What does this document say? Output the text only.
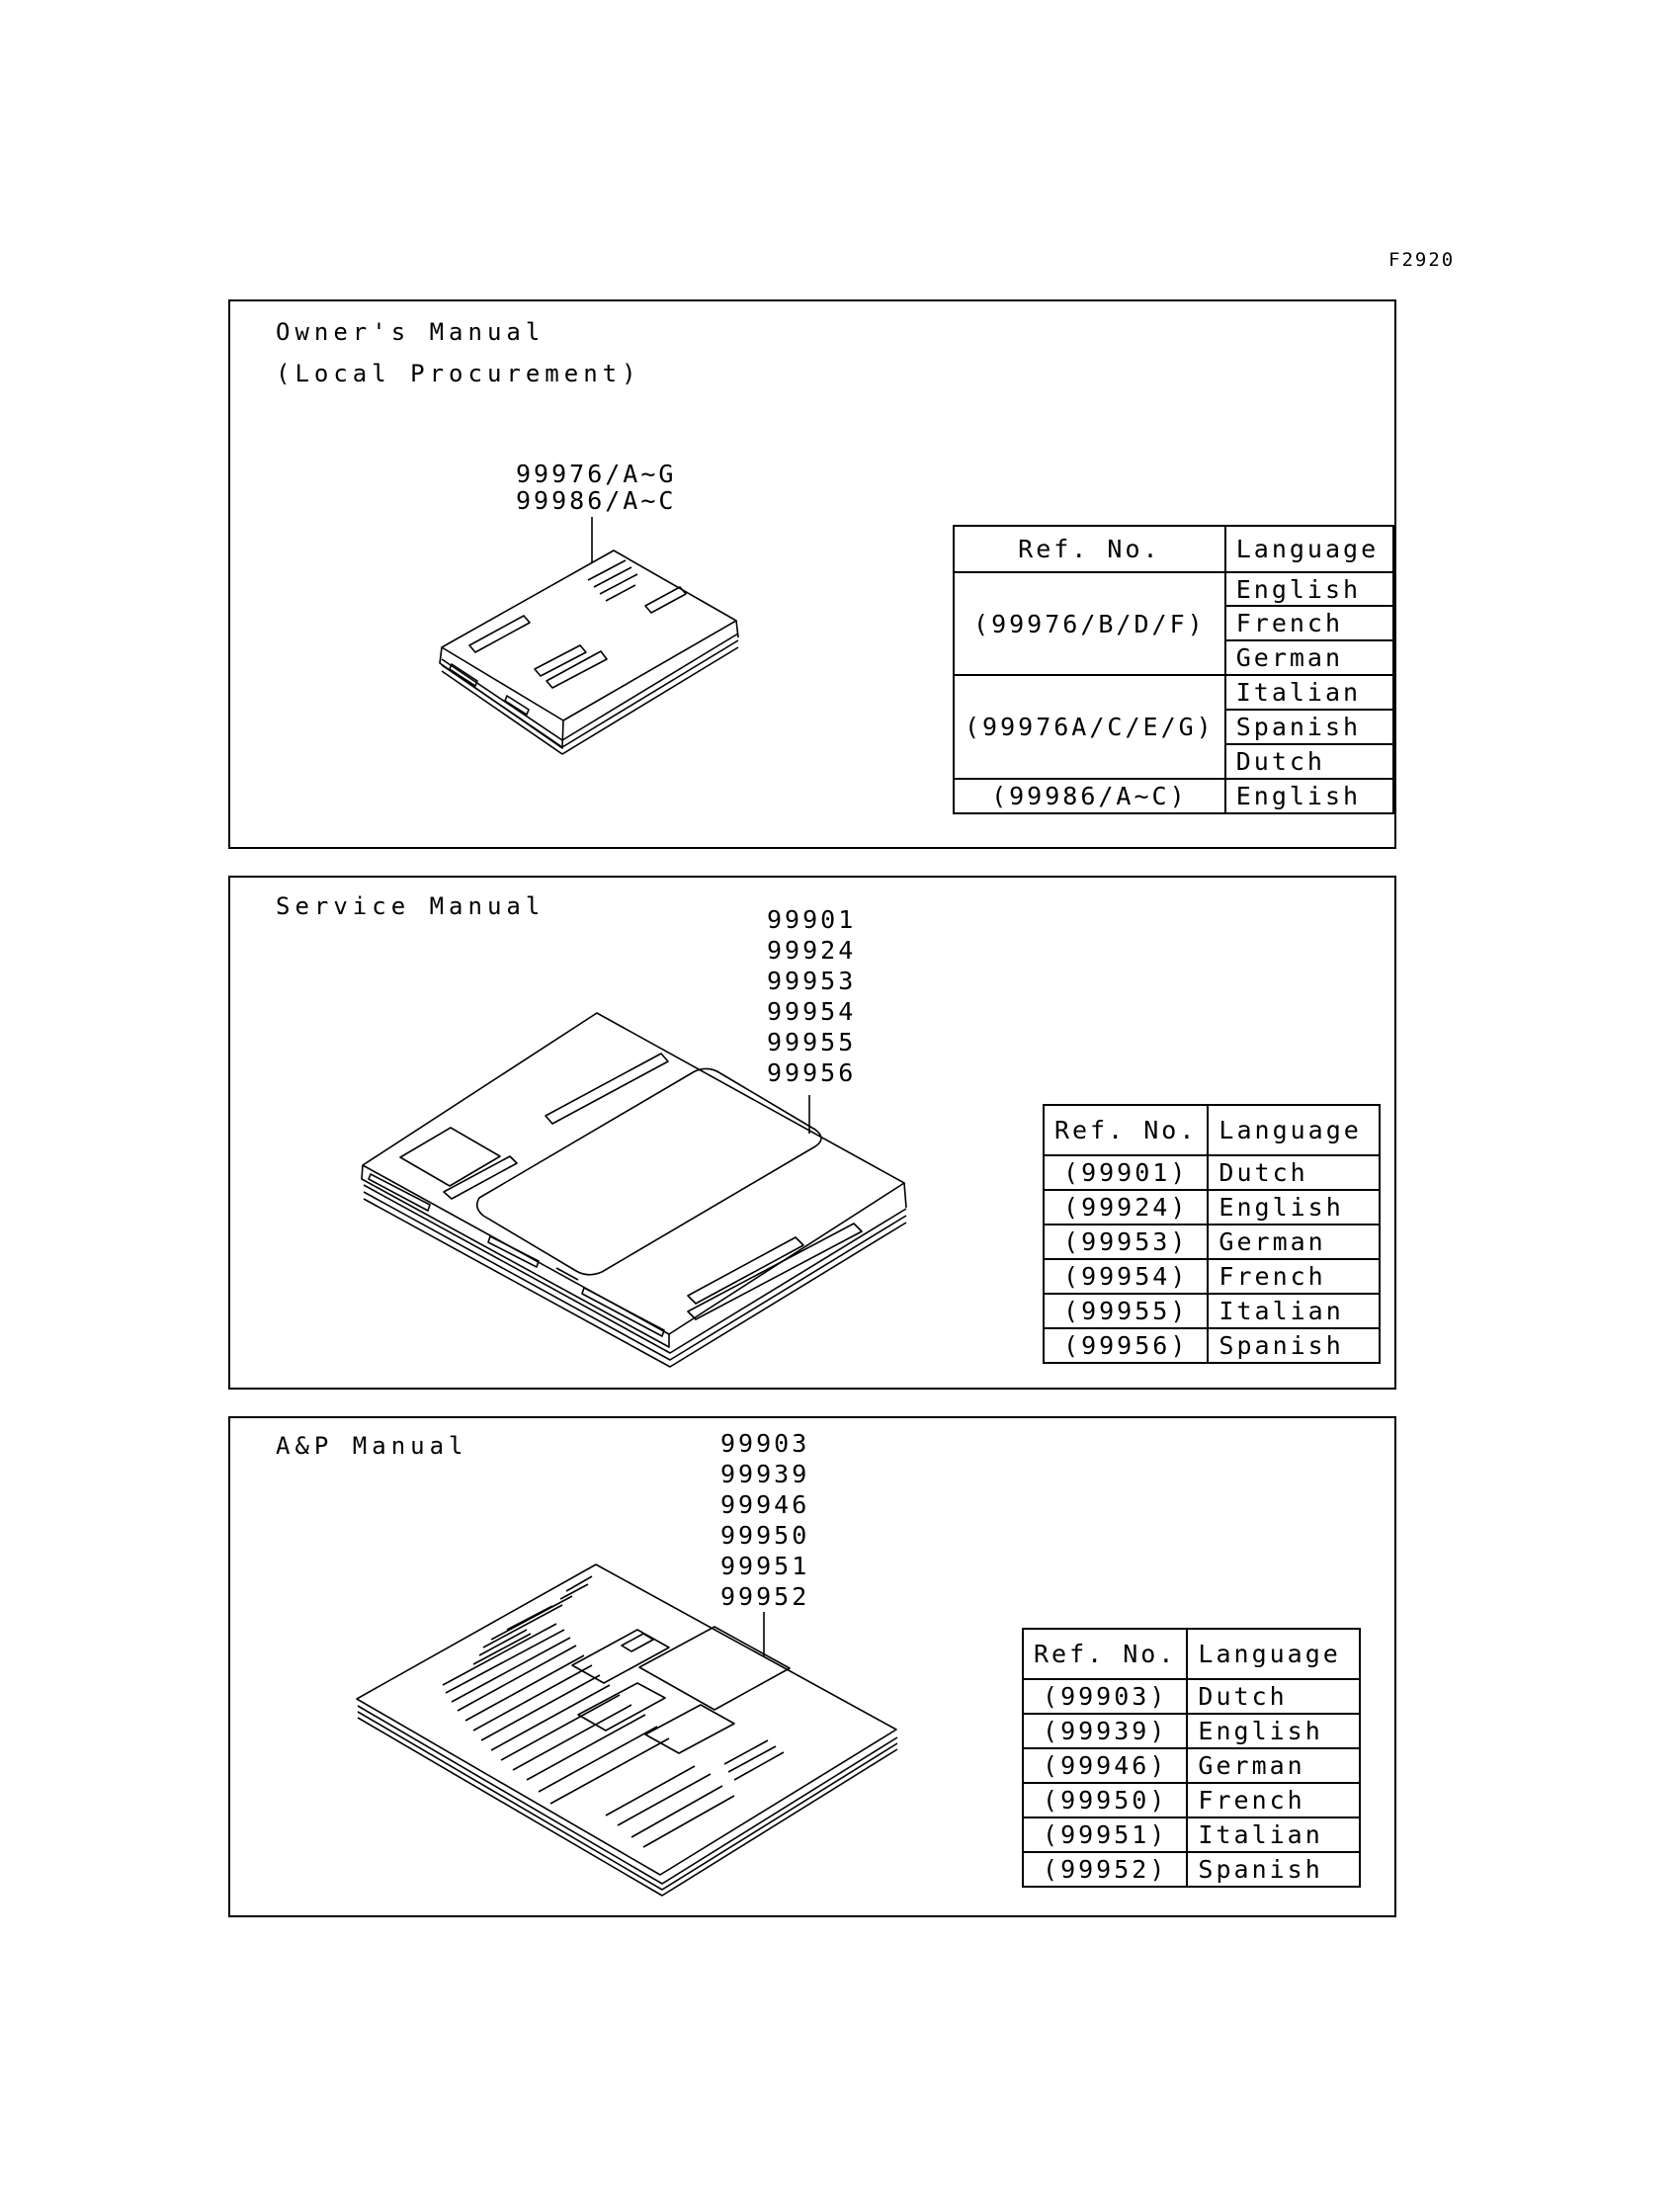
F2920
Owner's Manual
(Local Procurement)
99976/A~G
99986/A~C
Ref. No.	Language
(99976/B/D/F)	English
	French
	German
(99976A/C/E/G)	Italian
	Spanish
	Dutch
(99986/A~C)	English
Service Manual	99901
99924
99953
99954
99955
99956
Ref. No.	Language
(99901)	Dutch
(99924)	English
(99953)	German
(99954)	French
(99955)	Italian
(99956)	Spanish
A&P Manual	99903
99939
99946
99950
99951
99952
Ref. No.	Language
(99903)	Dutch
(99939)	English
(99946)	German
(99950)	French
(99951)	Italian
(99952)	Spanish
